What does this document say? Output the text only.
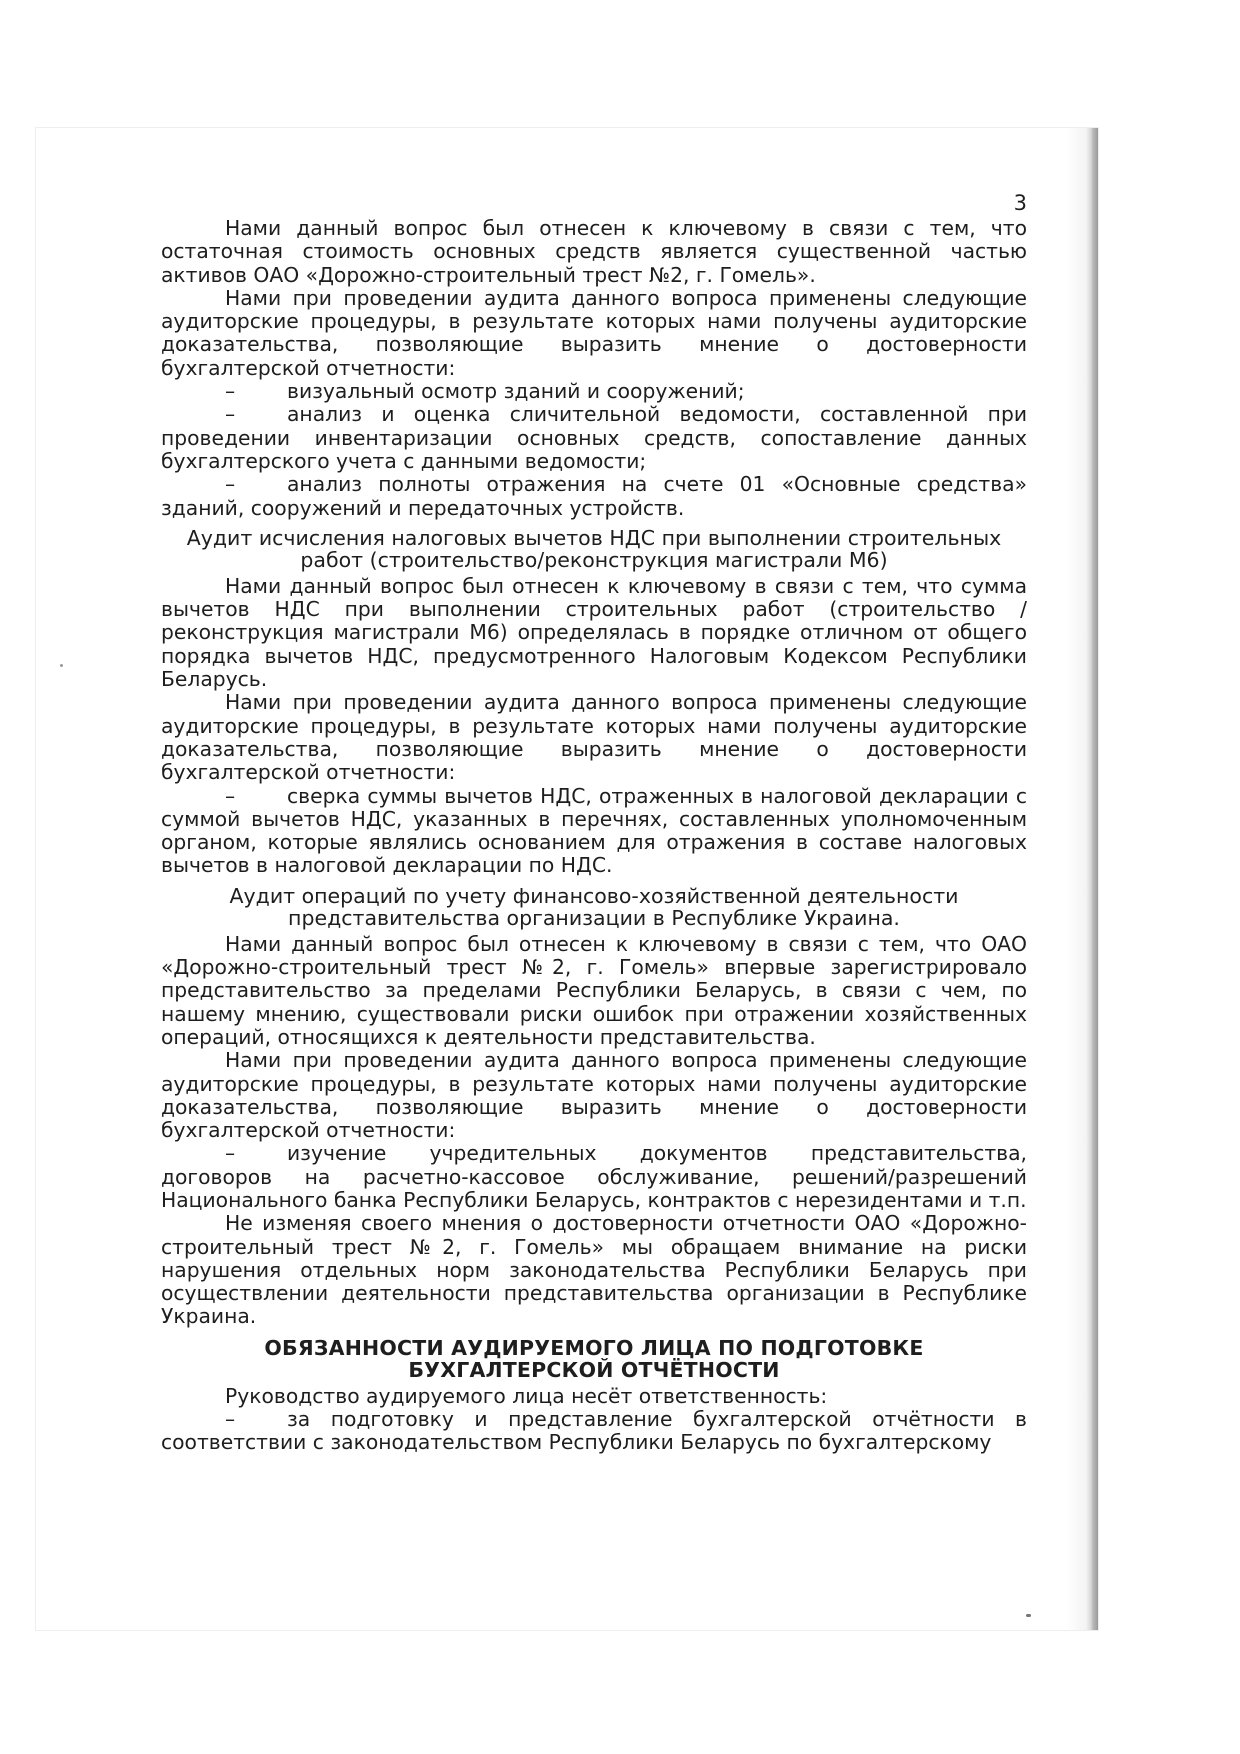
3

Нами данный вопрос был отнесен к ключевому в связи с тем, что остаточная стоимость основных средств является существенной частью активов ОАО «Дорожно-строительный трест №2, г. Гомель».

Нами при проведении аудита данного вопроса применены следующие аудиторские процедуры, в результате которых нами получены аудиторские доказательства, позволяющие выразить мнение о достоверности бухгалтерской отчетности:

–	визуальный осмотр зданий и сооружений;

–	анализ и оценка сличительной ведомости, составленной при проведении инвентаризации основных средств, сопоставление данных бухгалтерского учета с данными ведомости;

–	анализ полноты отражения на счете 01 «Основные средства» зданий, сооружений и передаточных устройств.

Аудит исчисления налоговых вычетов НДС при выполнении строительных работ (строительство/реконструкция магистрали М6)

Нами данный вопрос был отнесен к ключевому в связи с тем, что сумма вычетов НДС при выполнении строительных работ (строительство / реконструкция магистрали М6) определялась в порядке отличном от общего порядка вычетов НДС, предусмотренного Налоговым Кодексом Республики Беларусь.

Нами при проведении аудита данного вопроса применены следующие аудиторские процедуры, в результате которых нами получены аудиторские доказательства, позволяющие выразить мнение о достоверности бухгалтерской отчетности:

–	сверка суммы вычетов НДС, отраженных в налоговой декларации с суммой вычетов НДС, указанных в перечнях, составленных уполномоченным органом, которые являлись основанием для отражения в составе налоговых вычетов в налоговой декларации по НДС.

Аудит операций по учету финансово-хозяйственной деятельности представительства организации в Республике Украина.

Нами данный вопрос был отнесен к ключевому в связи с тем, что ОАО «Дорожно-строительный трест №2, г. Гомель» впервые зарегистрировало представительство за пределами Республики Беларусь, в связи с чем, по нашему мнению, существовали риски ошибок при отражении хозяйственных операций, относящихся к деятельности представительства.

Нами при проведении аудита данного вопроса применены следующие аудиторские процедуры, в результате которых нами получены аудиторские доказательства, позволяющие выразить мнение о достоверности бухгалтерской отчетности:

–	изучение учредительных документов представительства, договоров на расчетно-кассовое обслуживание, решений/разрешений Национального банка Республики Беларусь, контрактов с нерезидентами и т.п.

Не изменяя своего мнения о достоверности отчетности ОАО «Дорожно-строительный трест №2, г. Гомель» мы обращаем внимание на риски нарушения отдельных норм законодательства Республики Беларусь при осуществлении деятельности представительства организации в Республике Украина.

ОБЯЗАННОСТИ АУДИРУЕМОГО ЛИЦА ПО ПОДГОТОВКЕ БУХГАЛТЕРСКОЙ ОТЧЁТНОСТИ

Руководство аудируемого лица несёт ответственность:

–	за подготовку и представление бухгалтерской отчётности в соответствии с законодательством Республики Беларусь по бухгалтерскому
